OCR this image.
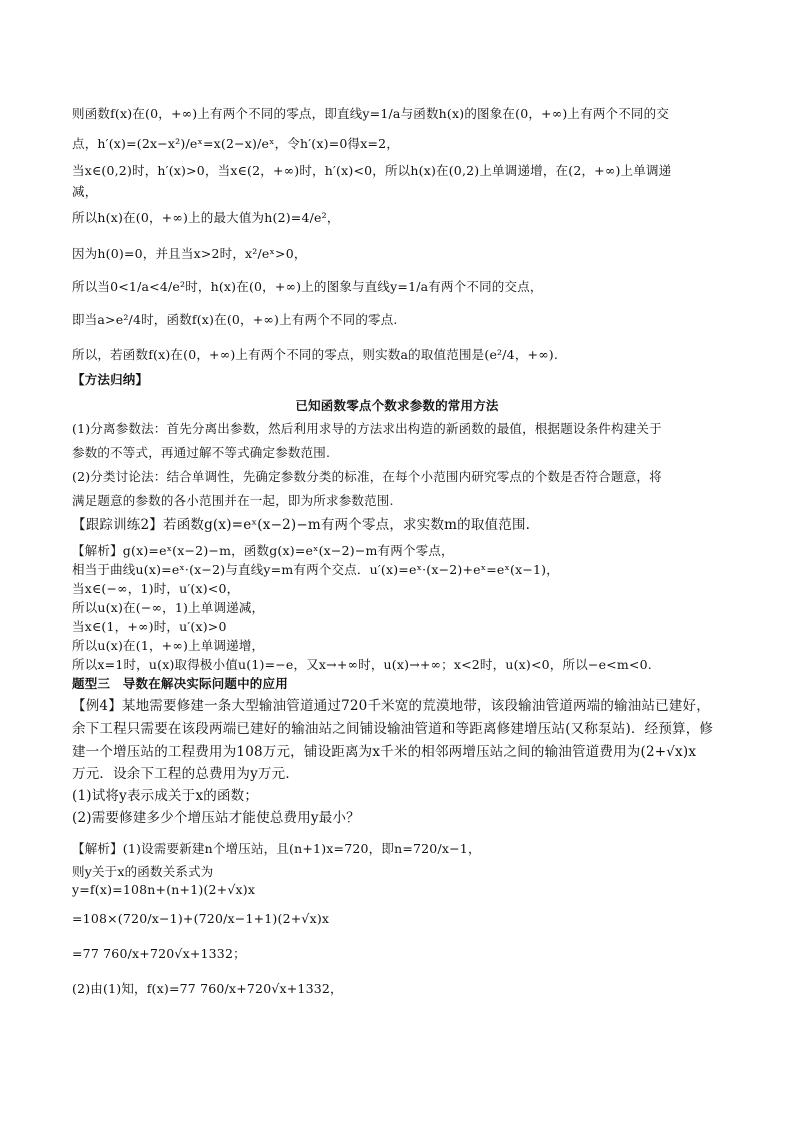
则函数f(x)在(0，+∞)上有两个不同的零点，即直线y=1/a与函数h(x)的图象在(0，+∞)上有两个不同的交
点，h′(x)=(2x−x²)/eˣ=x(2−x)/eˣ，令h′(x)=0得x=2，
当x∈(0,2)时，h′(x)>0，当x∈(2，+∞)时，h′(x)<0，所以h(x)在(0,2)上单调递增，在(2，+∞)上单调递
减，
所以h(x)在(0，+∞)上的最大值为h(2)=4/e²，
因为h(0)=0，并且当x>2时，x²/eˣ>0，
所以当0<1/a<4/e²时，h(x)在(0，+∞)上的图象与直线y=1/a有两个不同的交点，
即当a>e²/4时，函数f(x)在(0，+∞)上有两个不同的零点.
所以，若函数f(x)在(0，+∞)上有两个不同的零点，则实数a的取值范围是(e²/4，+∞).
【方法归纳】
已知函数零点个数求参数的常用方法
(1)分离参数法：首先分离出参数，然后利用求导的方法求出构造的新函数的最值，根据题设条件构建关于
参数的不等式，再通过解不等式确定参数范围.
(2)分类讨论法：结合单调性，先确定参数分类的标准，在每个小范围内研究零点的个数是否符合题意，将
满足题意的参数的各小范围并在一起，即为所求参数范围.
【跟踪训练2】若函数g(x)=eˣ(x−2)−m有两个零点，求实数m的取值范围.
【解析】g(x)=eˣ(x−2)−m，函数g(x)=eˣ(x−2)−m有两个零点，
相当于曲线u(x)=eˣ·(x−2)与直线y=m有两个交点．u′(x)=eˣ·(x−2)+eˣ=eˣ(x−1)，
当x∈(−∞，1)时，u′(x)<0，
所以u(x)在(−∞，1)上单调递减，
当x∈(1，+∞)时，u′(x)>0
所以u(x)在(1，+∞)上单调递增，
所以x=1时，u(x)取得极小值u(1)=−e，又x→+∞时，u(x)→+∞；x<2时，u(x)<0，所以−e<m<0.
题型三　导数在解决实际问题中的应用
【例4】某地需要修建一条大型输油管道通过720千米宽的荒漠地带，该段输油管道两端的输油站已建好，
余下工程只需要在该段两端已建好的输油站之间铺设输油管道和等距离修建增压站(又称泵站)．经预算，修
建一个增压站的工程费用为108万元，铺设距离为x千米的相邻两增压站之间的输油管道费用为(2+√x)x
万元．设余下工程的总费用为y万元．
(1)试将y表示成关于x的函数；
(2)需要修建多少个增压站才能使总费用y最小？
【解析】(1)设需要新建n个增压站，且(n+1)x=720，即n=720/x−1，
则y关于x的函数关系式为
y=f(x)=108n+(n+1)(2+√x)x
=108×(720/x−1)+(720/x−1+1)(2+√x)x
=77 760/x+720√x+1332；
(2)由(1)知，f(x)=77 760/x+720√x+1332，
